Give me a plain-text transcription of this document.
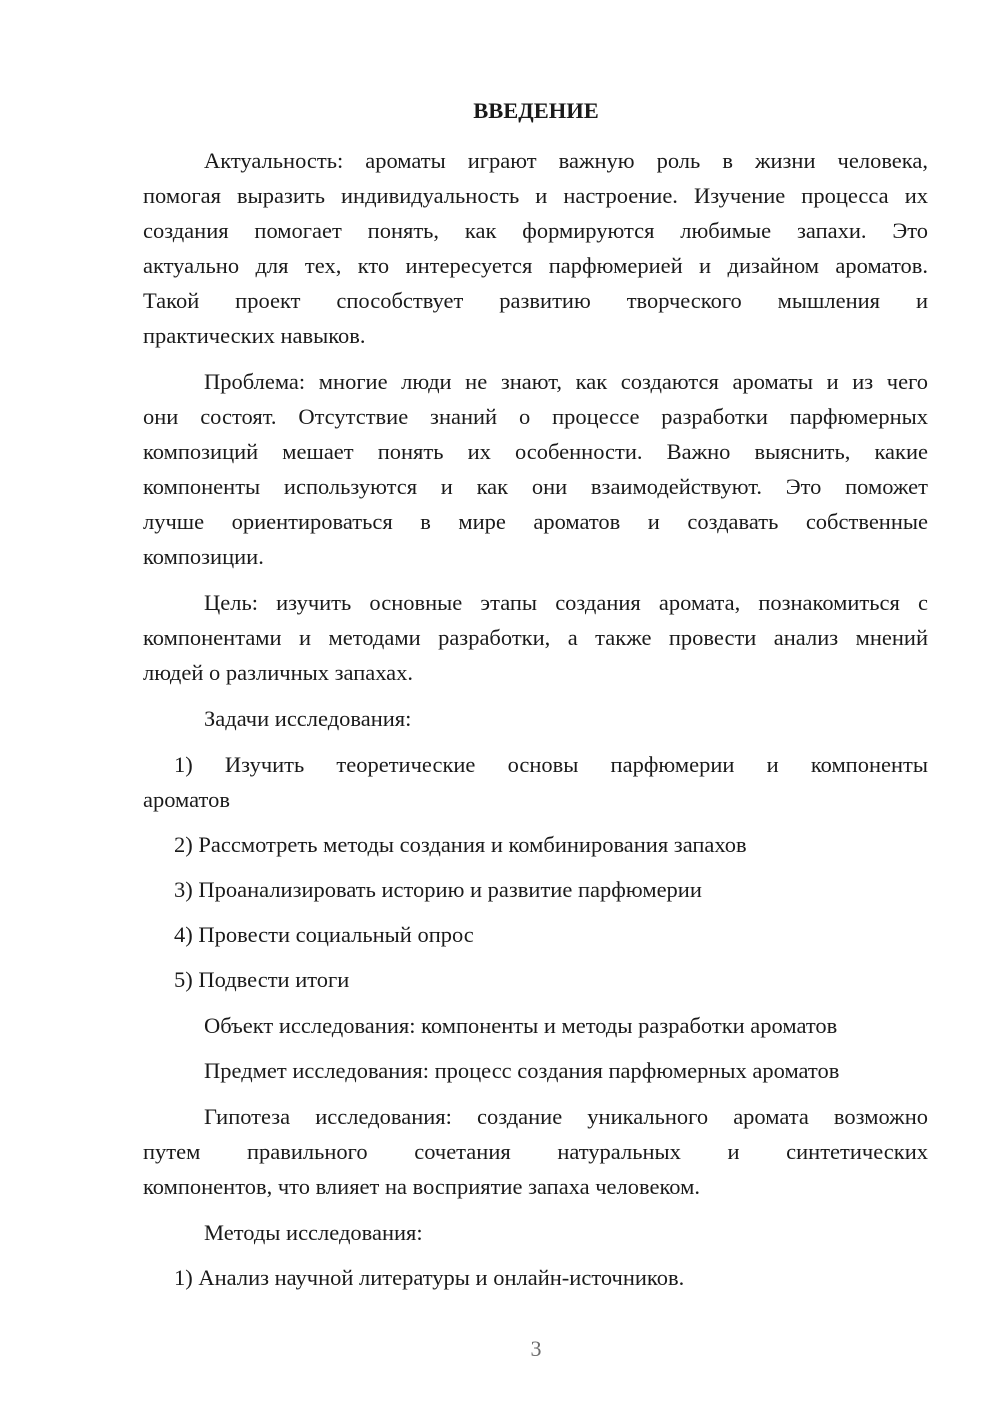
ВВЕДЕНИЕ
Актуальность: ароматы играют важную роль в жизни человека,
помогая выразить индивидуальность и настроение. Изучение процесса их
создания помогает понять, как формируются любимые запахи. Это
актуально для тех, кто интересуется парфюмерией и дизайном ароматов.
Такой проект способствует развитию творческого мышления и
практических навыков.
Проблема: многие люди не знают, как создаются ароматы и из чего
они состоят. Отсутствие знаний о процессе разработки парфюмерных
композиций мешает понять их особенности. Важно выяснить, какие
компоненты используются и как они взаимодействуют. Это поможет
лучше ориентироваться в мире ароматов и создавать собственные
композиции.
Цель: изучить основные этапы создания аромата, познакомиться с
компонентами и методами разработки, а также провести анализ мнений
людей о различных запахах.
Задачи исследования:
1) Изучить теоретические основы парфюмерии и компоненты
ароматов
2) Рассмотреть методы создания и комбинирования запахов
3) Проанализировать историю и развитие парфюмерии
4) Провести социальный опрос
5) Подвести итоги
Объект исследования: компоненты и методы разработки ароматов
Предмет исследования: процесс создания парфюмерных ароматов
Гипотеза исследования: создание уникального аромата возможно
путем правильного сочетания натуральных и синтетических
компонентов, что влияет на восприятие запаха человеком.
Методы исследования:
1) Анализ научной литературы и онлайн-источников.
3
